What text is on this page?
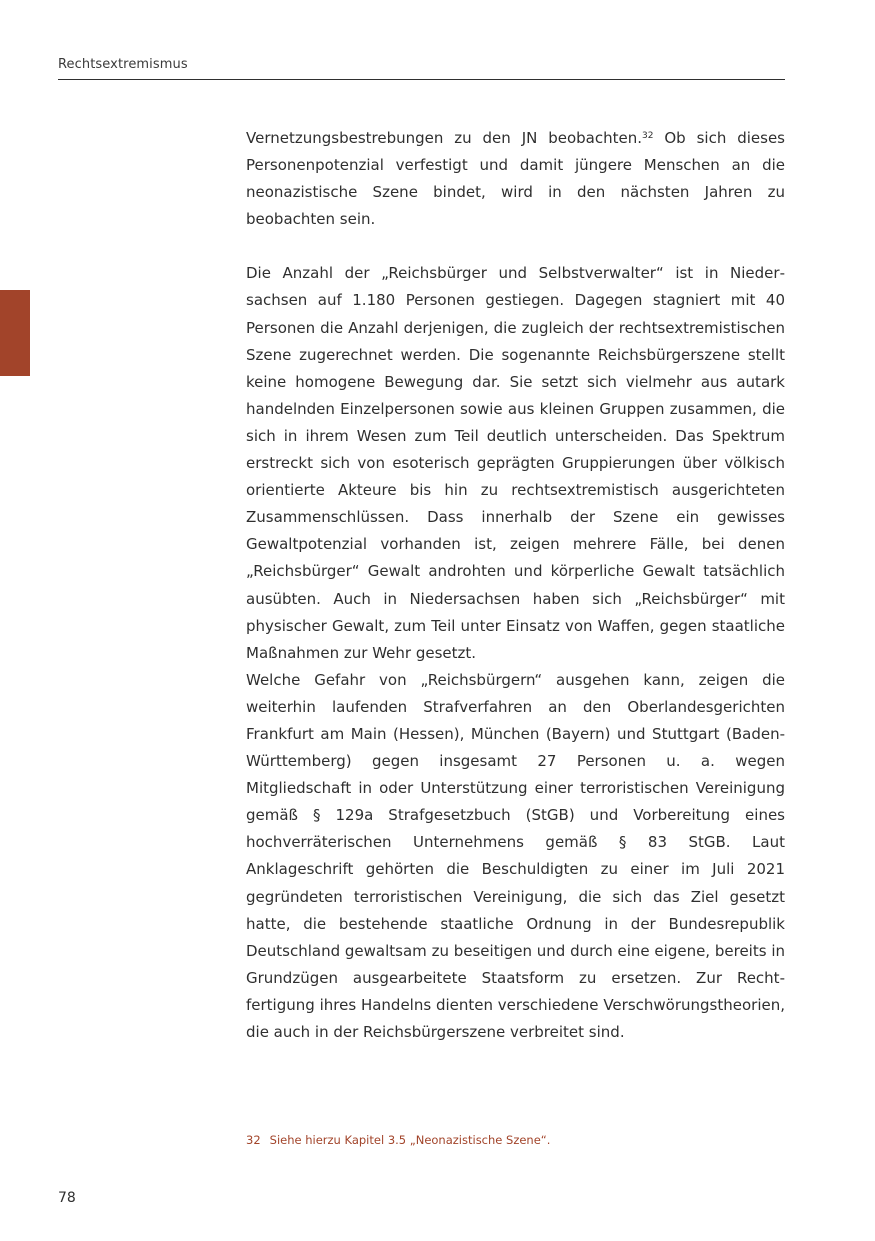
Rechtsextremismus

Vernetzungsbestrebungen zu den JN beobachten.$^{32}$ Ob sich dieses Personenpotenzial verfestigt und damit jüngere Menschen an die neonazistische Szene bindet, wird in den nächsten Jahren zu beobachten sein.

Die Anzahl der „Reichsbürger und Selbstverwalter“ ist in Niedersachsen auf 1.180 Personen gestiegen. Dagegen stagniert mit 40 Personen die Anzahl derjenigen, die zugleich der rechtsextremistischen Szene zugerechnet werden. Die sogenannte Reichsbürgerszene stellt keine homogene Bewegung dar. Sie setzt sich vielmehr aus autark handelnden Einzelpersonen sowie aus kleinen Gruppen zusammen, die sich in ihrem Wesen zum Teil deutlich unterscheiden. Das Spektrum erstreckt sich von esoterisch geprägten Gruppierungen über völkisch orientierte Akteure bis hin zu rechtsextremistisch ausgerichteten Zusammenschlüssen. Dass innerhalb der Szene ein gewisses Gewaltpotenzial vorhanden ist, zeigen mehrere Fälle, bei denen „Reichsbürger“ Gewalt androhten und körperliche Gewalt tatsächlich ausübten. Auch in Niedersachsen haben sich „Reichsbürger“ mit physischer Gewalt, zum Teil unter Einsatz von Waffen, gegen staatliche Maßnahmen zur Wehr gesetzt.

Welche Gefahr von „Reichsbürgern“ ausgehen kann, zeigen die weiterhin laufenden Strafverfahren an den Oberlandesgerichten Frankfurt am Main (Hessen), München (Bayern) und Stuttgart (Baden-Württemberg) gegen insgesamt 27 Personen u. a. wegen Mitgliedschaft in oder Unterstützung einer terroristischen Vereinigung gemäß § 129a Strafgesetzbuch (StGB) und Vorbereitung eines hochverräterischen Unternehmens gemäß § 83 StGB. Laut Anklageschrift gehörten die Beschuldigten zu einer im Juli 2021 gegründeten terroristischen Vereinigung, die sich das Ziel gesetzt hatte, die bestehende staatliche Ordnung in der Bundesrepublik Deutschland gewaltsam zu beseitigen und durch eine eigene, bereits in Grundzügen ausgearbeitete Staatsform zu ersetzen. Zur Rechtfertigung ihres Handelns dienten verschiedene Verschwörungstheorien, die auch in der Reichsbürgerszene verbreitet sind.

32 Siehe hierzu Kapitel 3.5 „Neonazistische Szene“.
78
